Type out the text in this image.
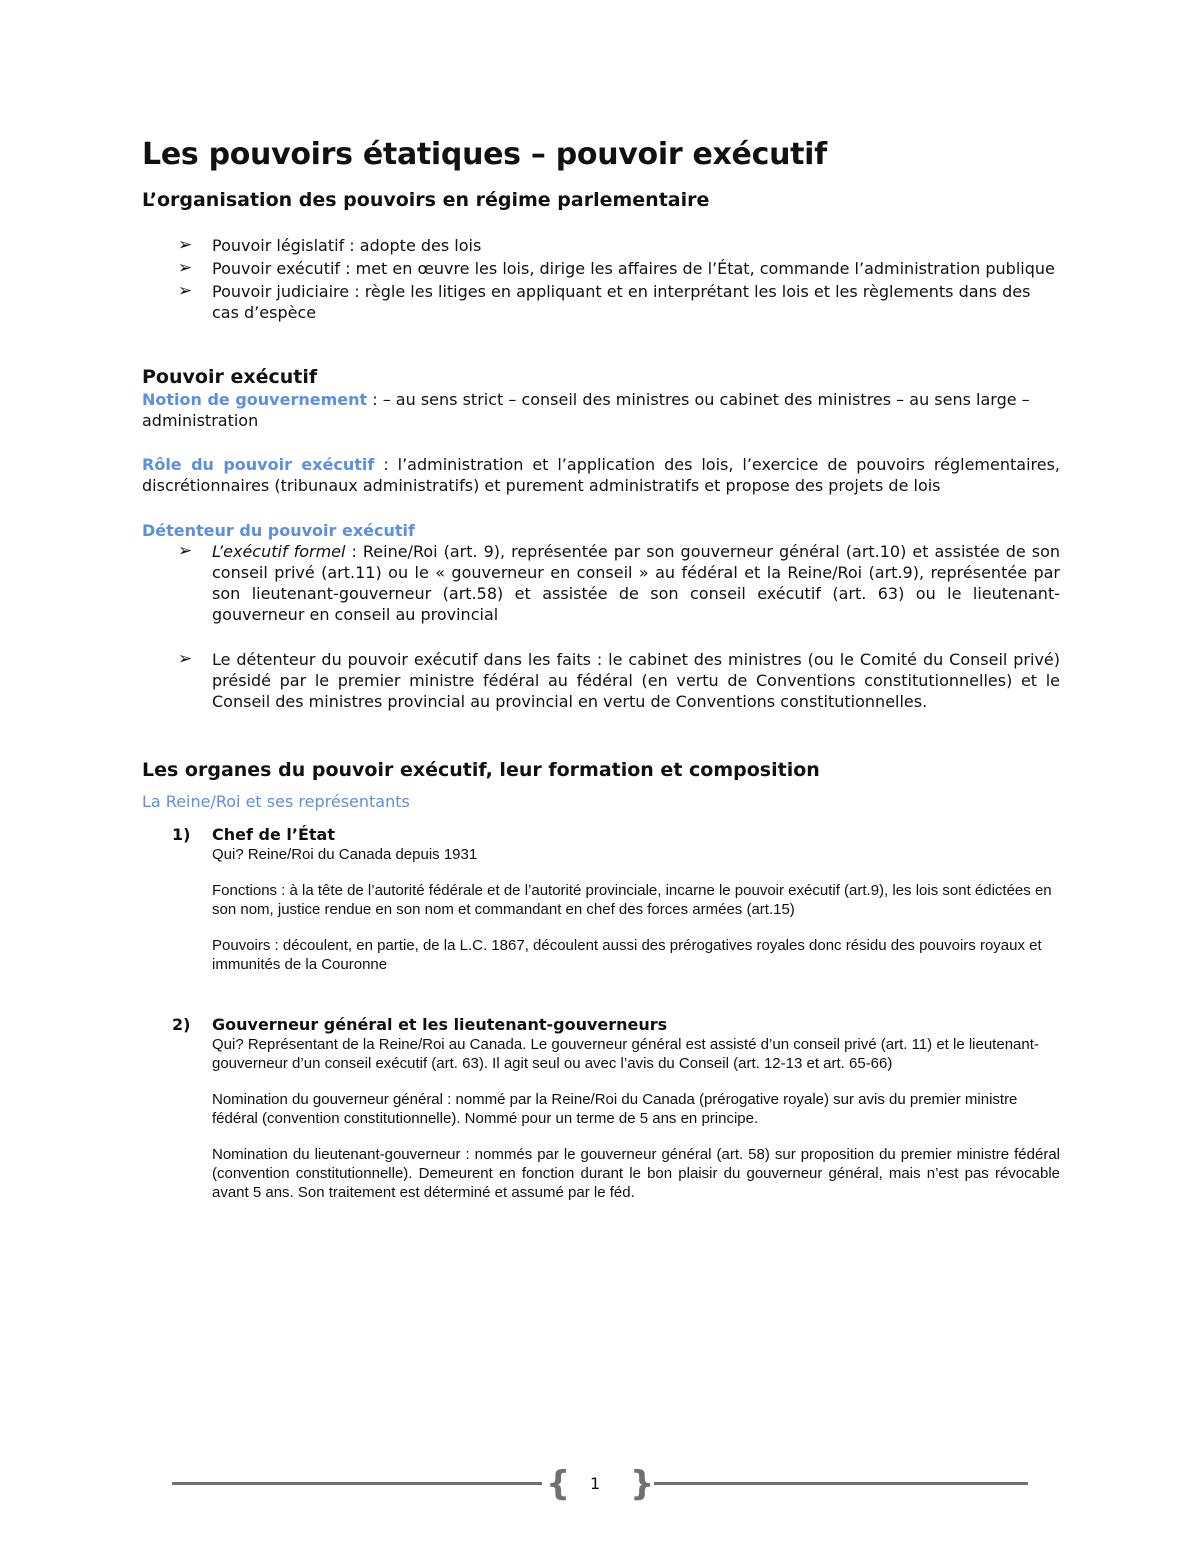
Les pouvoirs étatiques – pouvoir exécutif
L’organisation des pouvoirs en régime parlementaire
➢ Pouvoir législatif : adopte des lois
➢ Pouvoir exécutif : met en œuvre les lois, dirige les affaires de l’État, commande l’administration publique
➢ Pouvoir judiciaire : règle les litiges en appliquant et en interprétant les lois et les règlements dans des cas d’espèce
Pouvoir exécutif

Notion de gouvernement : – au sens strict – conseil des ministres ou cabinet des ministres – au sens large – administration

Rôle du pouvoir exécutif : l’administration et l’application des lois, l’exercice de pouvoirs réglementaires, discrétionnaires (tribunaux administratifs) et purement administratifs et propose des projets de lois

Détenteur du pouvoir exécutif

➢ L’exécutif formel : Reine/Roi (art. 9), représentée par son gouverneur général (art.10) et assistée de son conseil privé (art.11) ou le « gouverneur en conseil » au fédéral et la Reine/Roi (art.9), représentée par son lieutenant-gouverneur (art.58) et assistée de son conseil exécutif (art. 63) ou le lieutenant-gouverneur en conseil au provincial
➢ Le détenteur du pouvoir exécutif dans les faits : le cabinet des ministres (ou le Comité du Conseil privé) présidé par le premier ministre fédéral au fédéral (en vertu de Conventions constitutionnelles) et le Conseil des ministres provincial au provincial en vertu de Conventions constitutionnelles.
Les organes du pouvoir exécutif, leur formation et composition

La Reine/Roi et ses représentants

1) Chef de l’État

Qui? Reine/Roi du Canada depuis 1931

Fonctions : à la tête de l’autorité fédérale et de l’autorité provinciale, incarne le pouvoir exécutif (art.9), les lois sont édictées en son nom, justice rendue en son nom et commandant en chef des forces armées (art.15)

Pouvoirs : découlent, en partie, de la L.C. 1867, découlent aussi des prérogatives royales donc résidu des pouvoirs royaux et immunités de la Couronne

2) Gouverneur général et les lieutenant-gouverneurs

Qui? Représentant de la Reine/Roi au Canada. Le gouverneur général est assisté d’un conseil privé (art. 11) et le lieutenant-gouverneur d’un conseil exécutif (art. 63). Il agit seul ou avec l’avis du Conseil (art. 12-13 et art. 65-66)

Nomination du gouverneur général : nommé par la Reine/Roi du Canada (prérogative royale) sur avis du premier ministre fédéral (convention constitutionnelle). Nommé pour un terme de 5 ans en principe.

Nomination du lieutenant-gouverneur : nommés par le gouverneur général (art. 58) sur proposition du premier ministre fédéral (convention constitutionnelle). Demeurent en fonction durant le bon plaisir du gouverneur général, mais n’est pas révocable avant 5 ans. Son traitement est déterminé et assumé par le féd.

{ 1 }
